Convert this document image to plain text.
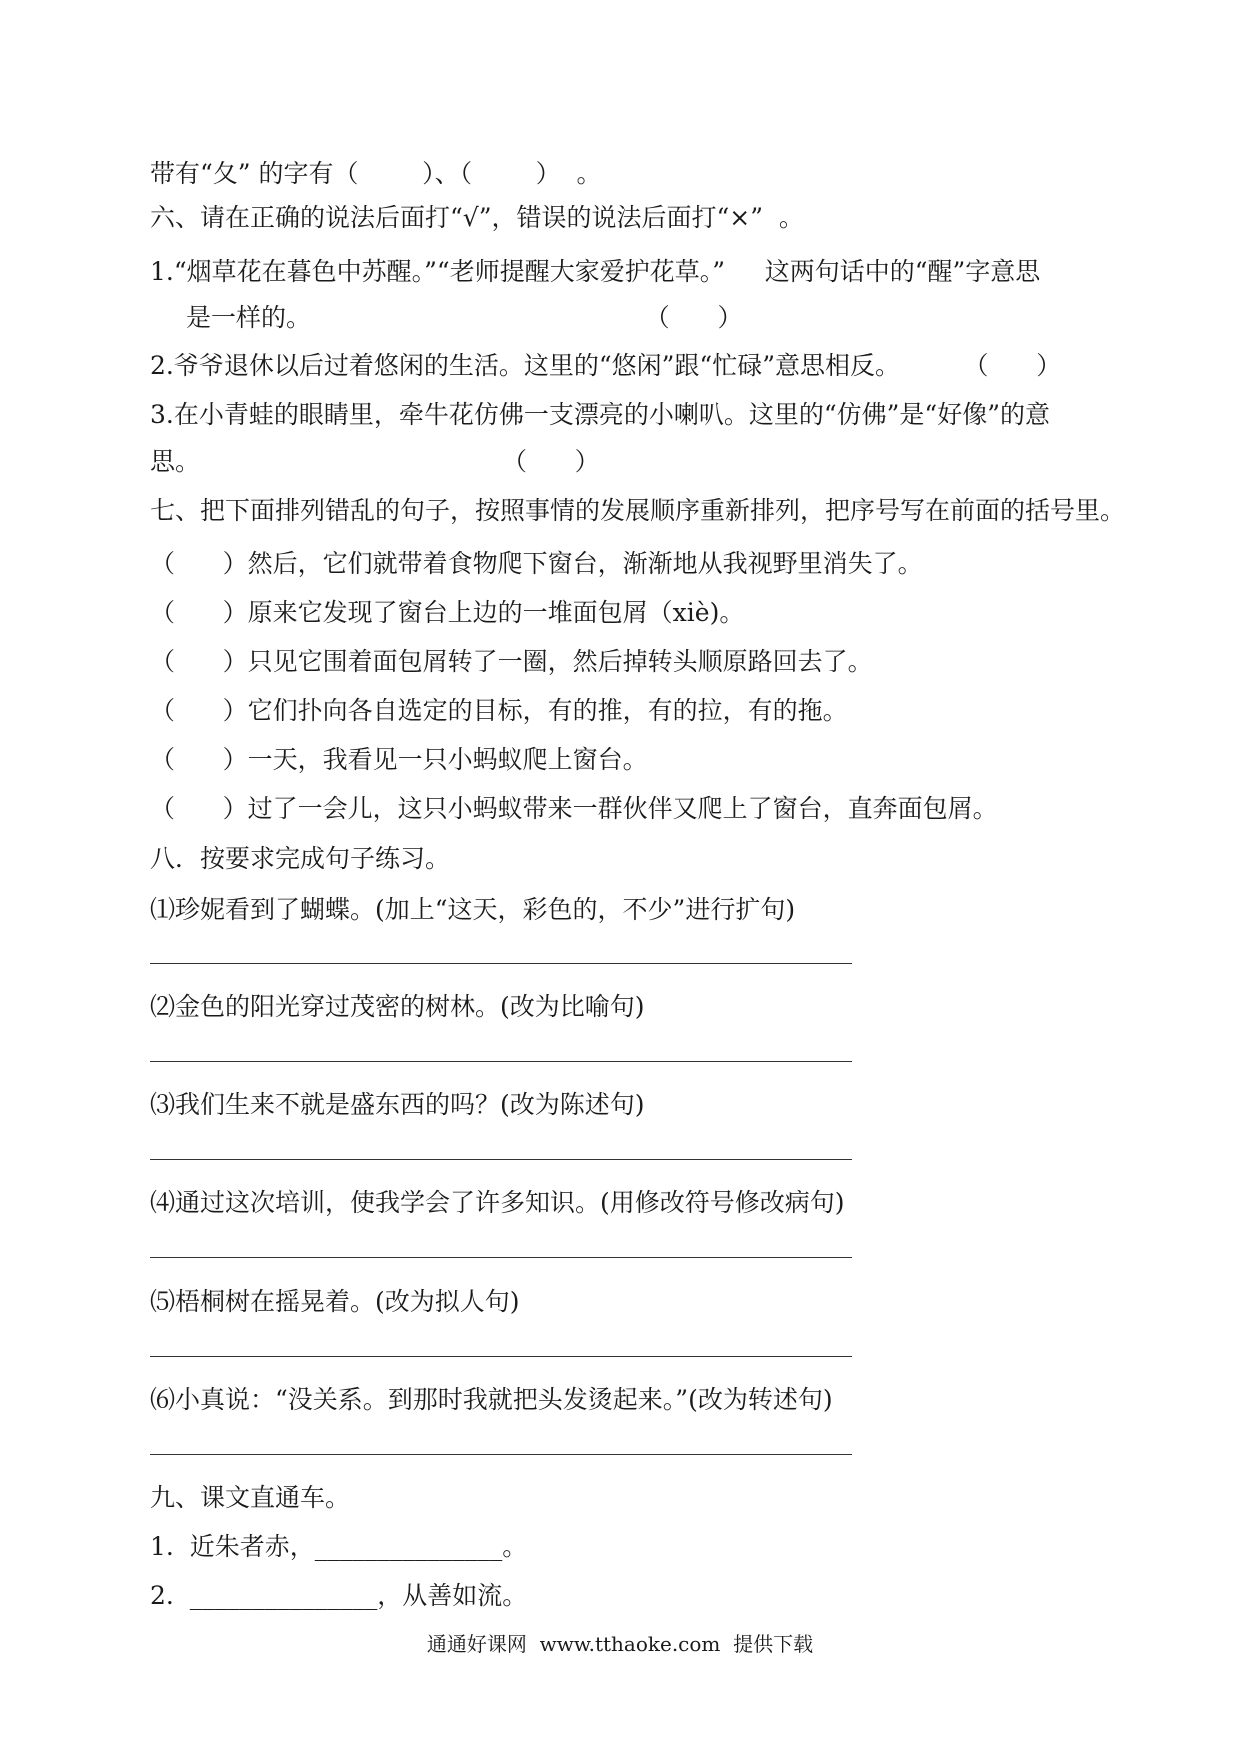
带有“夂” 的字有（        ）、（        ）  。
六、请在正确的说法后面打“√”，错误的说法后面打“×”  。
1.“烟草花在暮色中苏醒。”“老师提醒大家爱护花草。”     这两句话中的“醒”字意思
是一样的。                                          （      ）
2.爷爷退休以后过着悠闲的生活。这里的“悠闲”跟“忙碌”意思相反。        （      ）
3.在小青蛙的眼睛里，牵牛花仿佛一支漂亮的小喇叭。这里的“仿佛”是“好像”的意
思。                                      （      ）
七、把下面排列错乱的句子，按照事情的发展顺序重新排列，把序号写在前面的括号里。
（      ）然后，它们就带着食物爬下窗台，渐渐地从我视野里消失了。
（      ）原来它发现了窗台上边的一堆面包屑（xiè)。
（      ）只见它围着面包屑转了一圈，然后掉转头顺原路回去了。
（      ）它们扑向各自选定的目标，有的推，有的拉，有的拖。
（      ）一天，我看见一只小蚂蚁爬上窗台。
（      ）过了一会儿，这只小蚂蚁带来一群伙伴又爬上了窗台，直奔面包屑。
八．按要求完成句子练习。
⑴珍妮看到了蝴蝶。(加上“这天，彩色的，不少”进行扩句)
⑵金色的阳光穿过茂密的树林。(改为比喻句)
⑶我们生来不就是盛东西的吗？(改为陈述句)
⑷通过这次培训，使我学会了许多知识。(用修改符号修改病句)
⑸梧桐树在摇晃着。(改为拟人句)
⑹小真说：“没关系。到那时我就把头发烫起来。”(改为转述句)
九、课文直通车。
1.  近朱者赤，_______________。
2.  _______________，从善如流。
通通好课网  www.tthaoke.com  提供下载
